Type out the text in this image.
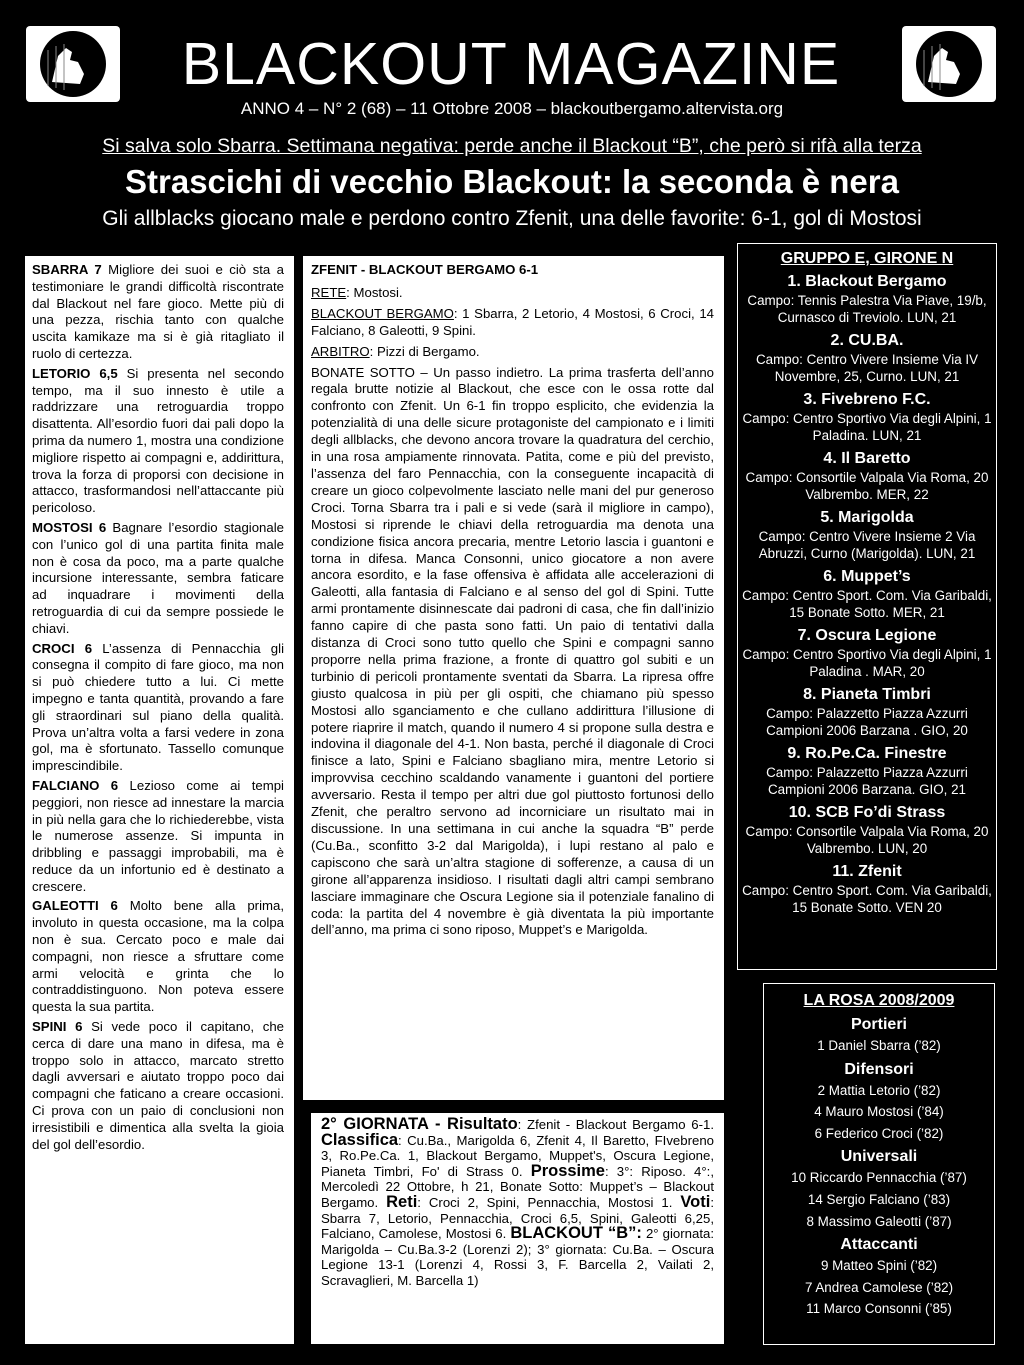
BLACKOUT MAGAZINE
ANNO 4 – N° 2 (68) – 11 Ottobre 2008 – blackoutbergamo.altervista.org
Si salva solo Sbarra. Settimana negativa: perde anche il Blackout “B”, che però si rifà alla terza
Strascichi di vecchio Blackout: la seconda è nera
Gli allblacks giocano male e perdono contro Zfenit, una delle favorite: 6-1, gol di Mostosi

SBARRA 7 Migliore dei suoi e ciò sta a testimoniare le grandi difficoltà riscontrate dal Blackout nel fare gioco. Mette più di una pezza, rischia tanto con qualche uscita kamikaze ma si è già ritagliato il ruolo di certezza.

LETORIO 6,5 Si presenta nel secondo tempo, ma il suo innesto è utile a raddrizzare una retroguardia troppo disattenta. All’esordio fuori dai pali dopo la prima da numero 1, mostra una condizione migliore rispetto ai compagni e, addirittura, trova la forza di proporsi con decisione in attacco, trasformandosi nell’attaccante più pericoloso.

MOSTOSI 6 Bagnare l’esordio stagionale con l’unico gol di una partita finita male non è cosa da poco, ma a parte qualche incursione interessante, sembra faticare ad inquadrare i movimenti della retroguardia di cui da sempre possiede le chiavi.

CROCI 6 L’assenza di Pennacchia gli consegna il compito di fare gioco, ma non si può chiedere tutto a lui. Ci mette impegno e tanta quantità, provando a fare gli straordinari sul piano della qualità. Prova un’altra volta a farsi vedere in zona gol, ma è sfortunato. Tassello comunque imprescindibile.

FALCIANO 6 Lezioso come ai tempi peggiori, non riesce ad innestare la marcia in più nella gara che lo richiederebbe, vista le numerose assenze. Si impunta in dribbling e passaggi improbabili, ma è reduce da un infortunio ed è destinato a crescere.

GALEOTTI 6 Molto bene alla prima, involuto in questa occasione, ma la colpa non è sua. Cercato poco e male dai compagni, non riesce a sfruttare come armi velocità e grinta che lo contraddistinguono. Non poteva essere questa la sua partita.

SPINI 6 Si vede poco il capitano, che cerca di dare una mano in difesa, ma è troppo solo in attacco, marcato stretto dagli avversari e aiutato troppo poco dai compagni che faticano a creare occasioni. Ci prova con un paio di conclusioni non irresistibili e dimentica alla svelta la gioia del gol dell’esordio.

ZFENIT - BLACKOUT BERGAMO 6-1

RETE: Mostosi.

BLACKOUT BERGAMO: 1 Sbarra, 2 Letorio, 4 Mostosi, 6 Croci, 14 Falciano, 8 Galeotti, 9 Spini.

ARBITRO: Pizzi di Bergamo.

BONATE SOTTO – Un passo indietro. La prima trasferta dell’anno regala brutte notizie al Blackout, che esce con le ossa rotte dal confronto con Zfenit. Un 6-1 fin troppo esplicito, che evidenzia la potenzialità di una delle sicure protagoniste del campionato e i limiti degli allblacks, che devono ancora trovare la quadratura del cerchio, in una rosa ampiamente rinnovata. Patita, come e più del previsto, l’assenza del faro Pennacchia, con la conseguente incapacità di creare un gioco colpevolmente lasciato nelle mani del pur generoso Croci. Torna Sbarra tra i pali e si vede (sarà il migliore in campo), Mostosi si riprende le chiavi della retroguardia ma denota una condizione fisica ancora precaria, mentre Letorio lascia i guantoni e torna in difesa. Manca Consonni, unico giocatore a non avere ancora esordito, e la fase offensiva è affidata alle accelerazioni di Galeotti, alla fantasia di Falciano e al senso del gol di Spini. Tutte armi prontamente disinnescate dai padroni di casa, che fin dall’inizio fanno capire di che pasta sono fatti. Un paio di tentativi dalla distanza di Croci sono tutto quello che Spini e compagni sanno proporre nella prima frazione, a fronte di quattro gol subiti e un turbinio di pericoli prontamente sventati da Sbarra. La ripresa offre giusto qualcosa in più per gli ospiti, che chiamano più spesso Mostosi allo sganciamento e che cullano addirittura l’illusione di potere riaprire il match, quando il numero 4 si propone sulla destra e indovina il diagonale del 4-1. Non basta, perché il diagonale di Croci finisce a lato, Spini e Falciano sbagliano mira, mentre Letorio si improvvisa cecchino scaldando vanamente i guantoni del portiere avversario. Resta il tempo per altri due gol piuttosto fortunosi dello Zfenit, che peraltro servono ad incorniciare un risultato mai in discussione. In una settimana in cui anche la squadra “B” perde (Cu.Ba., sconfitto 3-2 dal Marigolda), i lupi restano al palo e capiscono che sarà un’altra stagione di sofferenze, a causa di un girone all’apparenza insidioso. I risultati dagli altri campi sembrano lasciare immaginare che Oscura Legione sia il potenziale fanalino di coda: la partita del 4 novembre è già diventata la più importante dell’anno, ma prima ci sono riposo, Muppet’s e Marigolda.

2° GIORNATA - Risultato: Zfenit - Blackout Bergamo 6-1. Classifica: Cu.Ba., Marigolda 6, Zfenit 4, Il Baretto, FIvebreno 3, Ro.Pe.Ca. 1, Blackout Bergamo, Muppet's, Oscura Legione, Pianeta Timbri, Fo' di Strass 0. Prossime: 3°: Riposo. 4°:, Mercoledì 22 Ottobre, h 21, Bonate Sotto: Muppet’s – Blackout Bergamo. Reti: Croci 2, Spini, Pennacchia, Mostosi 1. Voti: Sbarra 7, Letorio, Pennacchia, Croci 6,5, Spini, Galeotti 6,25, Falciano, Camolese, Mostosi 6. BLACKOUT “B”: 2° giornata: Marigolda – Cu.Ba.3-2 (Lorenzi 2); 3° giornata: Cu.Ba. – Oscura Legione 13-1 (Lorenzi 4, Rossi 3, F. Barcella 2, Vailati 2, Scravaglieri, M. Barcella 1)
GRUPPO E, GIRONE N
1. Blackout Bergamo
Campo: Tennis Palestra Via Piave, 19/b, Curnasco di Treviolo. LUN, 21
2. CU.BA.
Campo: Centro Vivere Insieme Via IV Novembre, 25, Curno. LUN, 21
3. Fivebreno F.C.
Campo: Centro Sportivo Via degli Alpini, 1 Paladina. LUN, 21
4. Il Baretto
Campo: Consortile Valpala Via Roma, 20 Valbrembo. MER, 22
5. Marigolda
Campo: Centro Vivere Insieme 2 Via Abruzzi, Curno (Marigolda). LUN, 21
6. Muppet’s
Campo: Centro Sport. Com. Via Garibaldi, 15 Bonate Sotto. MER, 21
7. Oscura Legione
Campo: Centro Sportivo Via degli Alpini, 1 Paladina . MAR, 20
8. Pianeta Timbri
Campo: Palazzetto Piazza Azzurri Campioni 2006 Barzana . GIO, 20
9. Ro.Pe.Ca. Finestre
Campo: Palazzetto Piazza Azzurri Campioni 2006 Barzana. GIO, 21
10. SCB Fo’di Strass
Campo: Consortile Valpala Via Roma, 20 Valbrembo. LUN, 20
11. Zfenit
Campo: Centro Sport. Com. Via Garibaldi, 15 Bonate Sotto. VEN 20
LA ROSA 2008/2009
Portieri
1 Daniel Sbarra (’82)
Difensori
2 Mattia Letorio (’82)
4 Mauro Mostosi (’84)
6 Federico Croci (’82)
Universali
10 Riccardo Pennacchia (’87)
14 Sergio Falciano (’83)
8 Massimo Galeotti (’87)
Attaccanti
9 Matteo Spini (’82)
7 Andrea Camolese (’82)
11 Marco Consonni (’85)
